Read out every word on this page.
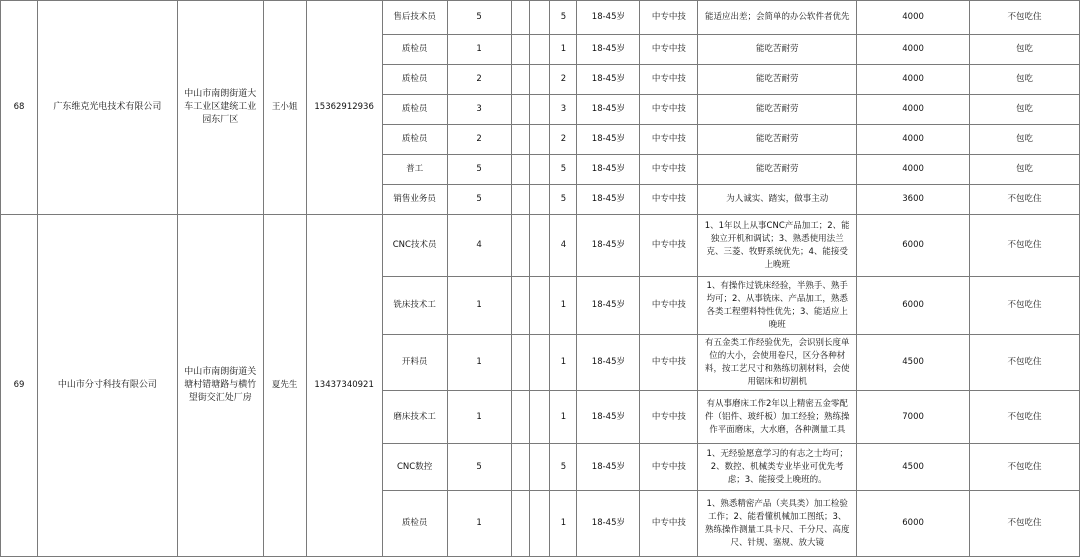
68	广东维克光电技术有限公司	中山市南朗街道大车工业区建统工业园东厂区	王小姐	15362912936	售后技术员	5			5	18-45岁	中专中技	能适应出差；会简单的办公软件者优先	4000	不包吃住
					质检员	1			1	18-45岁	中专中技	能吃苦耐劳	4000	包吃
					质检员	2			2	18-45岁	中专中技	能吃苦耐劳	4000	包吃
					质检员	3			3	18-45岁	中专中技	能吃苦耐劳	4000	包吃
					质检员	2			2	18-45岁	中专中技	能吃苦耐劳	4000	包吃
					普工	5			5	18-45岁	中专中技	能吃苦耐劳	4000	包吃
					销售业务员	5			5	18-45岁	中专中技	为人诚实、踏实，做事主动	3600	不包吃住
69	中山市分寸科技有限公司	中山市南朗街道关塘村错塘路与横竹望街交汇处厂房	夏先生	13437340921	CNC技术员	4			4	18-45岁	中专中技	1、1年以上从事CNC产品加工；2、能独立开机和调试；3、熟悉使用法兰克、三菱、牧野系统优先；4、能接受上晚班	6000	不包吃住
					铣床技术工	1			1	18-45岁	中专中技	1、有操作过铣床经验，半熟手、熟手均可；2、从事铣床、产品加工，熟悉各类工程塑料特性优先；3、能适应上晚班	6000	不包吃住
					开料员	1			1	18-45岁	中专中技	有五金类工作经验优先，会识别长度单位的大小，会使用卷尺，区分各种材料，按工艺尺寸和熟练切割材料，会使用锯床和切割机	4500	不包吃住
					磨床技术工	1			1	18-45岁	中专中技	有从事磨床工作2年以上精密五金零配件（铝件、玻纤板）加工经验；熟练操作平面磨床，大水磨，各种测量工具	7000	不包吃住
					CNC数控	5			5	18-45岁	中专中技	1、无经验愿意学习的有志之士均可；2、数控、机械类专业毕业可优先考虑；3、能接受上晚班的。	4500	不包吃住
					质检员	1			1	18-45岁	中专中技	1、熟悉精密产品（夹具类）加工检验工作；2、能看懂机械加工图纸；3、熟练操作测量工具卡尺、千分尺、高度尺、针规、塞规、放大镜	6000	不包吃住
